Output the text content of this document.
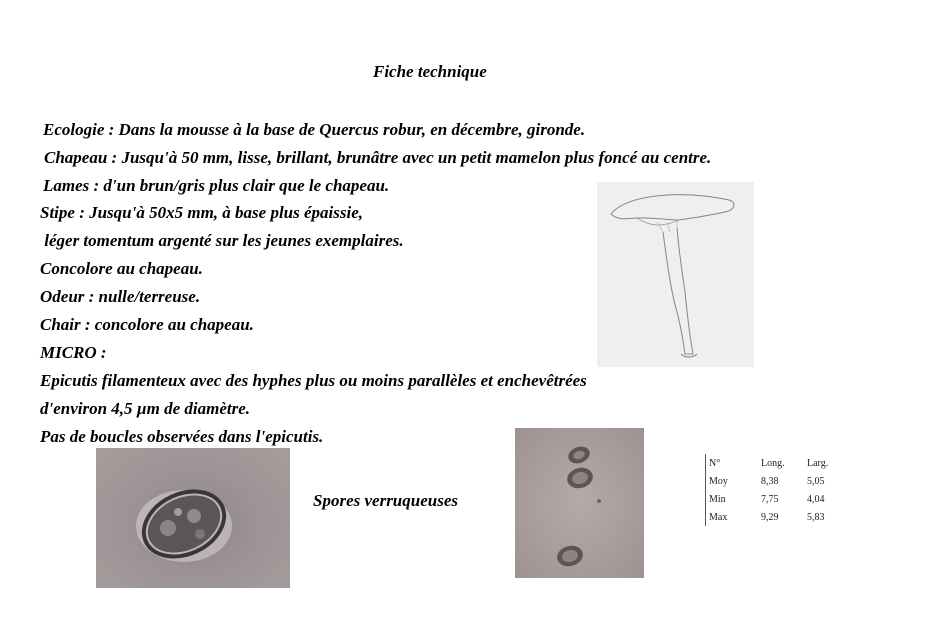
Fiche technique
Ecologie : Dans la mousse à la base de Quercus robur, en décembre, gironde.
Chapeau : Jusqu'à 50 mm, lisse, brillant, brunâtre avec un petit mamelon plus foncé au centre.
Lames : d'un brun/gris plus clair que le chapeau.
Stipe : Jusqu'à 50x5 mm, à base plus épaissie,
léger tomentum argenté sur les jeunes exemplaires.
Concolore au chapeau.
Odeur : nulle/terreuse.
Chair : concolore au chapeau.
MICRO :
Epicutis filamenteux avec des hyphes plus ou moins parallèles et enchevêtrées
d'environ 4,5 µm de diamètre.
Pas de boucles observées dans l'epicutis.
Spores verruqueuses
N°	Long.	Larg.
Moy	8,38	5,05
Min	7,75	4,04
Max	9,29	5,83
